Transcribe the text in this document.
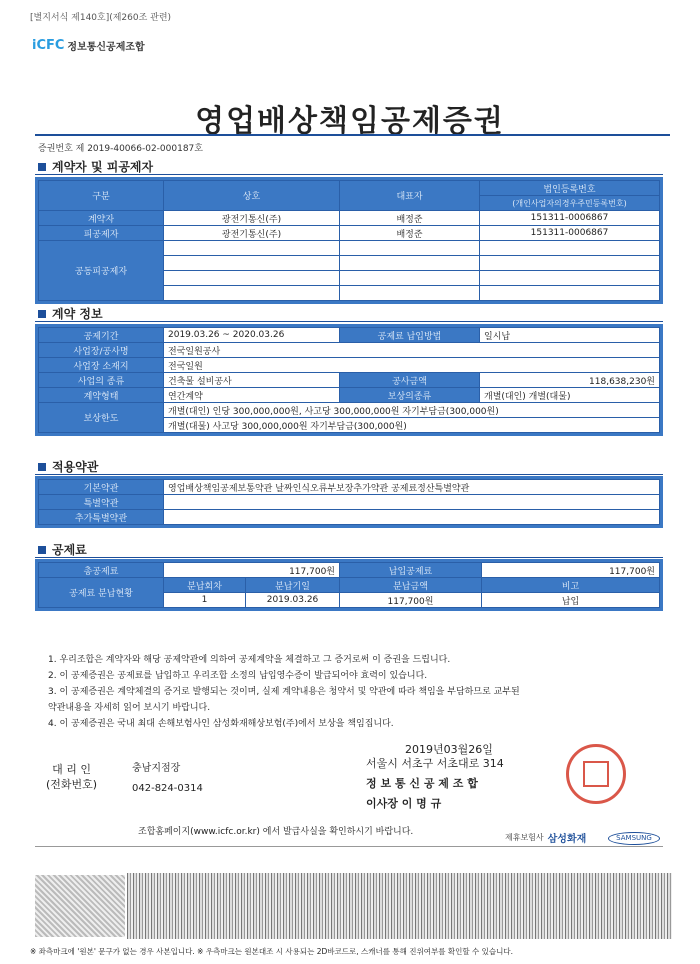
[별지서식 제140호](제260조 관련)
iCFC 정보통신공제조합
영업배상책임공제증권
증권번호 제 2019-40066-02-000187호
계약자 및 피공제자
구분	상호	대표자	법인등록번호
			(개인사업자의경우주민등록번호)
계약자	광전기통신(주)	배정준	151311-0006867
피공제자	광전기통신(주)	배정준	151311-0006867
공동피공제자			

계약 정보
공제기간	2019.03.26 ~ 2020.03.26	공제료 납입방법	일시납
사업장/공사명	전국일원공사		
사업장 소재지	전국일원		
사업의 종류	건축물 설비공사	공사금액	118,638,230원
계약형태	연간계약	보상의종류	개별(대인) 개별(대물)
보상한도	개별(대인) 인당 300,000,000원, 사고당 300,000,000원 자기부담금(300,000원)		
	개별(대물) 사고당 300,000,000원 자기부담금(300,000원)		
적용약관
기본약관	영업배상책임공제보통약관 날짜인식오류부보장추가약관 공제료정산특별약관
특별약관	
추가특별약관	
공제료
총공제료	117,700원		납입공제료	117,700원
공제료 분납현황	분납회차	분납기일	분납금액	비고
	1	2019.03.26	117,700원	납입
1. 우리조합은 계약자와 해당 공제약관에 의하여 공제계약을 체결하고 그 증거로써 이 증권을 드립니다.
2. 이 공제증권은 공제료를 납입하고 우리조합 소정의 납입영수증이 발급되어야 효력이 있습니다.
3. 이 공제증권은 계약체결의 증거로 발행되는 것이며, 실제 계약내용은 청약서 및 약관에 따라 책임을 부담하므로 교부된
약관내용을 자세히 읽어 보시기 바랍니다.
4. 이 공제증권은 국내 최대 손해보험사인 삼성화재해상보험(주)에서 보상을 책임집니다.
2019년03월26일
대 리 인
(전화번호)
충남지점장
042-824-0314
서울시 서초구 서초대로 314
정 보 통 신 공 제 조 합
이사장 이 명 규
조합홈페이지(www.icfc.or.kr) 에서 발급사실을 확인하시기 바랍니다.
제휴보험사 삼성화재	SAMSUNG
※ 좌측마크에 '원본' 문구가 없는 경우 사본입니다. ※ 우측마크는 원본대조 시 사용되는 2D바코드로, 스캐너를 통해 진위여부를 확인할 수 있습니다.
